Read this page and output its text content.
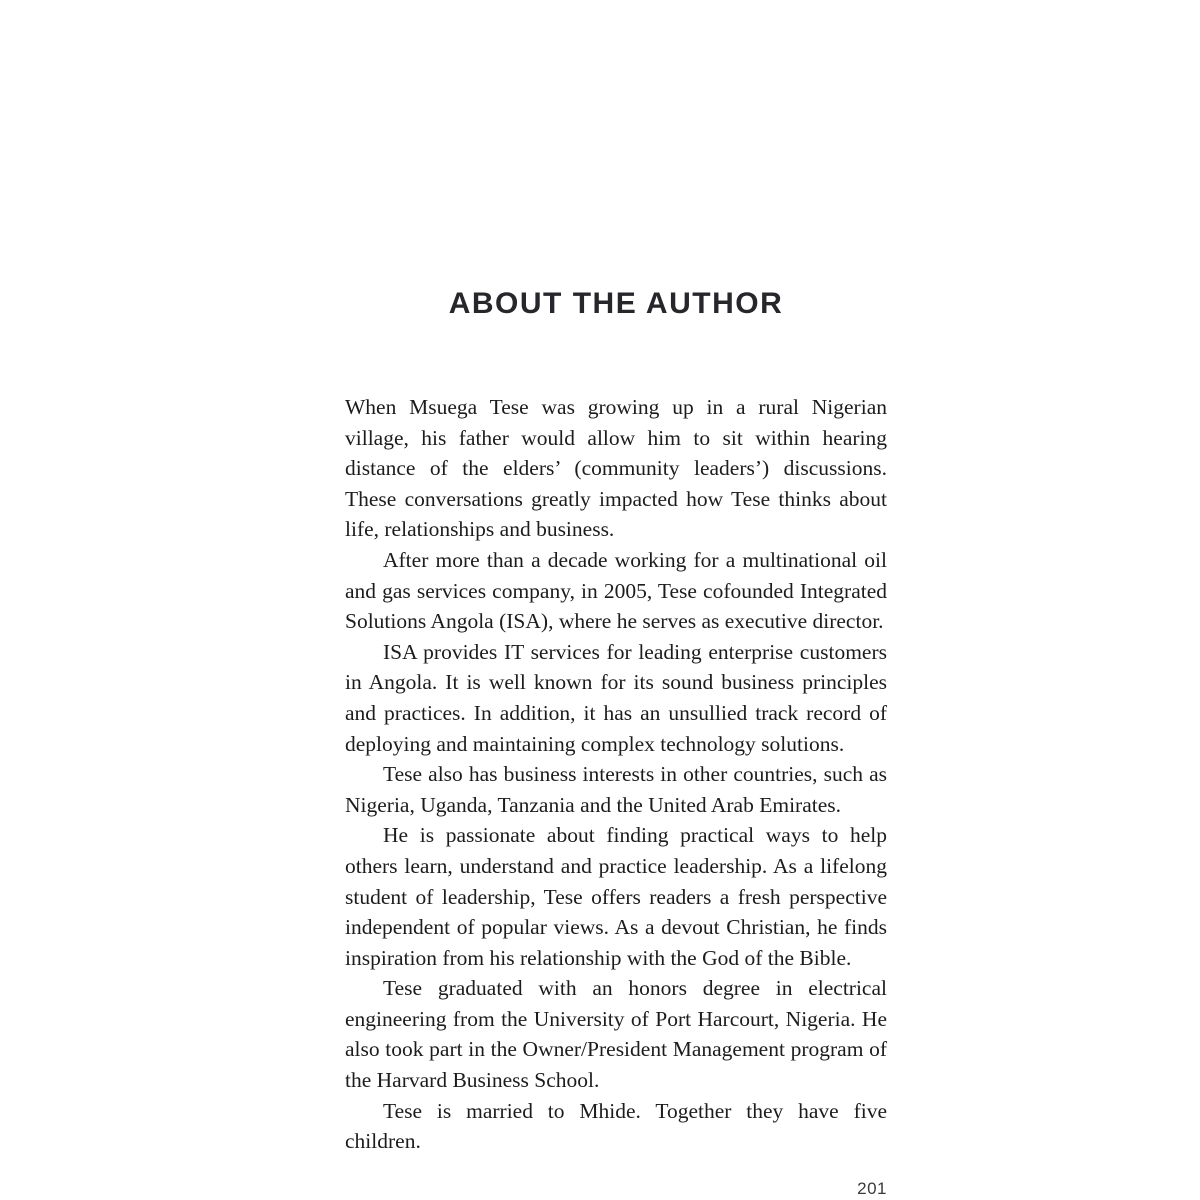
ABOUT THE AUTHOR

When Msuega Tese was growing up in a rural Nigerian village, his father would allow him to sit within hearing distance of the elders’ (community leaders’) discussions. These conversations greatly impacted how Tese thinks about life, relationships and business.

After more than a decade working for a multinational oil and gas services company, in 2005, Tese cofounded Integrated Solutions Angola (ISA), where he serves as executive director.

ISA provides IT services for leading enterprise customers in Angola. It is well known for its sound business principles and practices. In addition, it has an unsullied track record of deploying and maintaining complex technology solutions.

Tese also has business interests in other countries, such as Nigeria, Uganda, Tanzania and the United Arab Emirates.

He is passionate about finding practical ways to help others learn, understand and practice leadership. As a lifelong student of leadership, Tese offers readers a fresh perspective independent of popular views. As a devout Christian, he finds inspiration from his relationship with the God of the Bible.

Tese graduated with an honors degree in electrical engineering from the University of Port Harcourt, Nigeria. He also took part in the Owner/President Management program of the Harvard Business School.

Tese is married to Mhide. Together they have five children.

201
